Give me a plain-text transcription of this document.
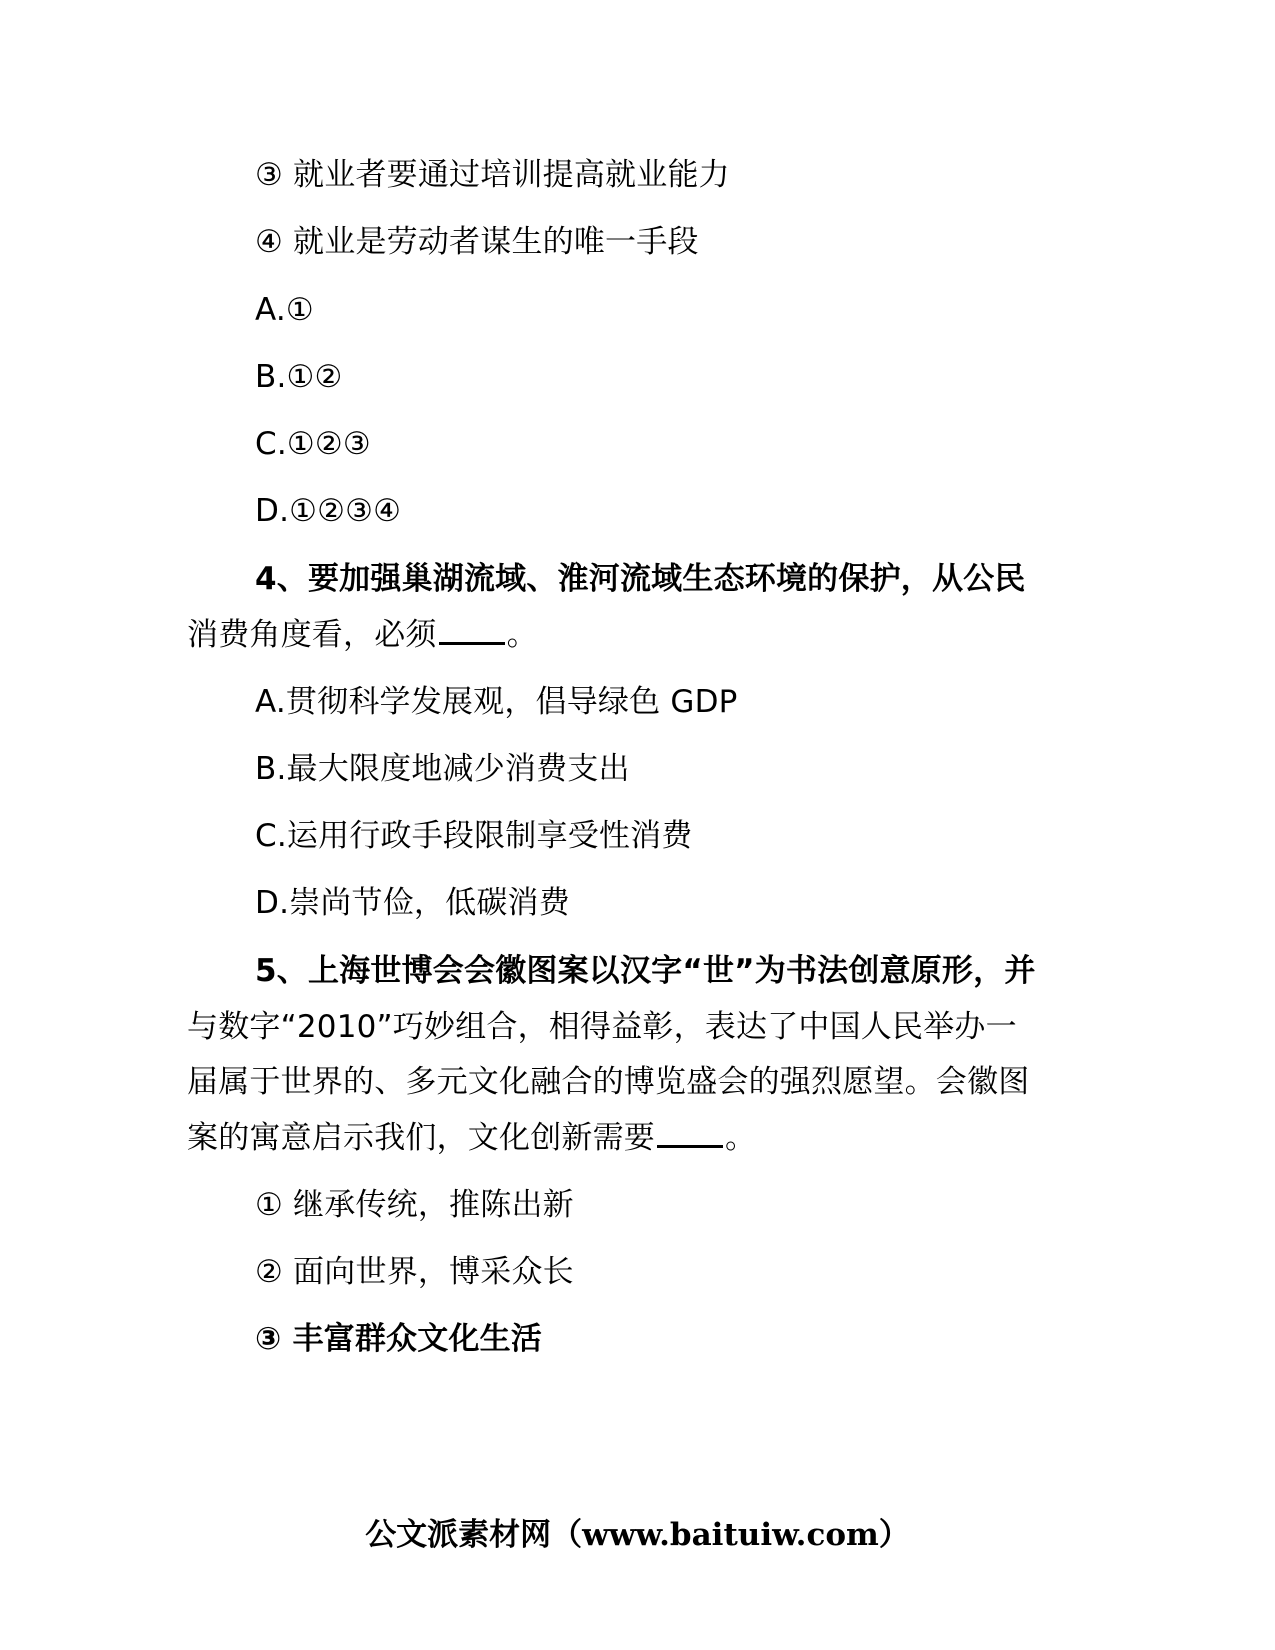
③ 就业者要通过培训提高就业能力
④ 就业是劳动者谋生的唯一手段
A.①
B.①②
C.①②③
D.①②③④
4、要加强巢湖流域、淮河流域生态环境的保护，从公民
消费角度看，必须 。
A.贯彻科学发展观，倡导绿色 GDP
B.最大限度地减少消费支出
C.运用行政手段限制享受性消费
D.崇尚节俭，低碳消费
5、上海世博会会徽图案以汉字“世”为书法创意原形，并
与数字“2010”巧妙组合，相得益彰，表达了中国人民举办一
届属于世界的、多元文化融合的博览盛会的强烈愿望。会徽图
案的寓意启示我们，文化创新需要 。
① 继承传统，推陈出新
② 面向世界，博采众长
③ 丰富群众文化生活
公文派素材网（www.baituiw.com）
